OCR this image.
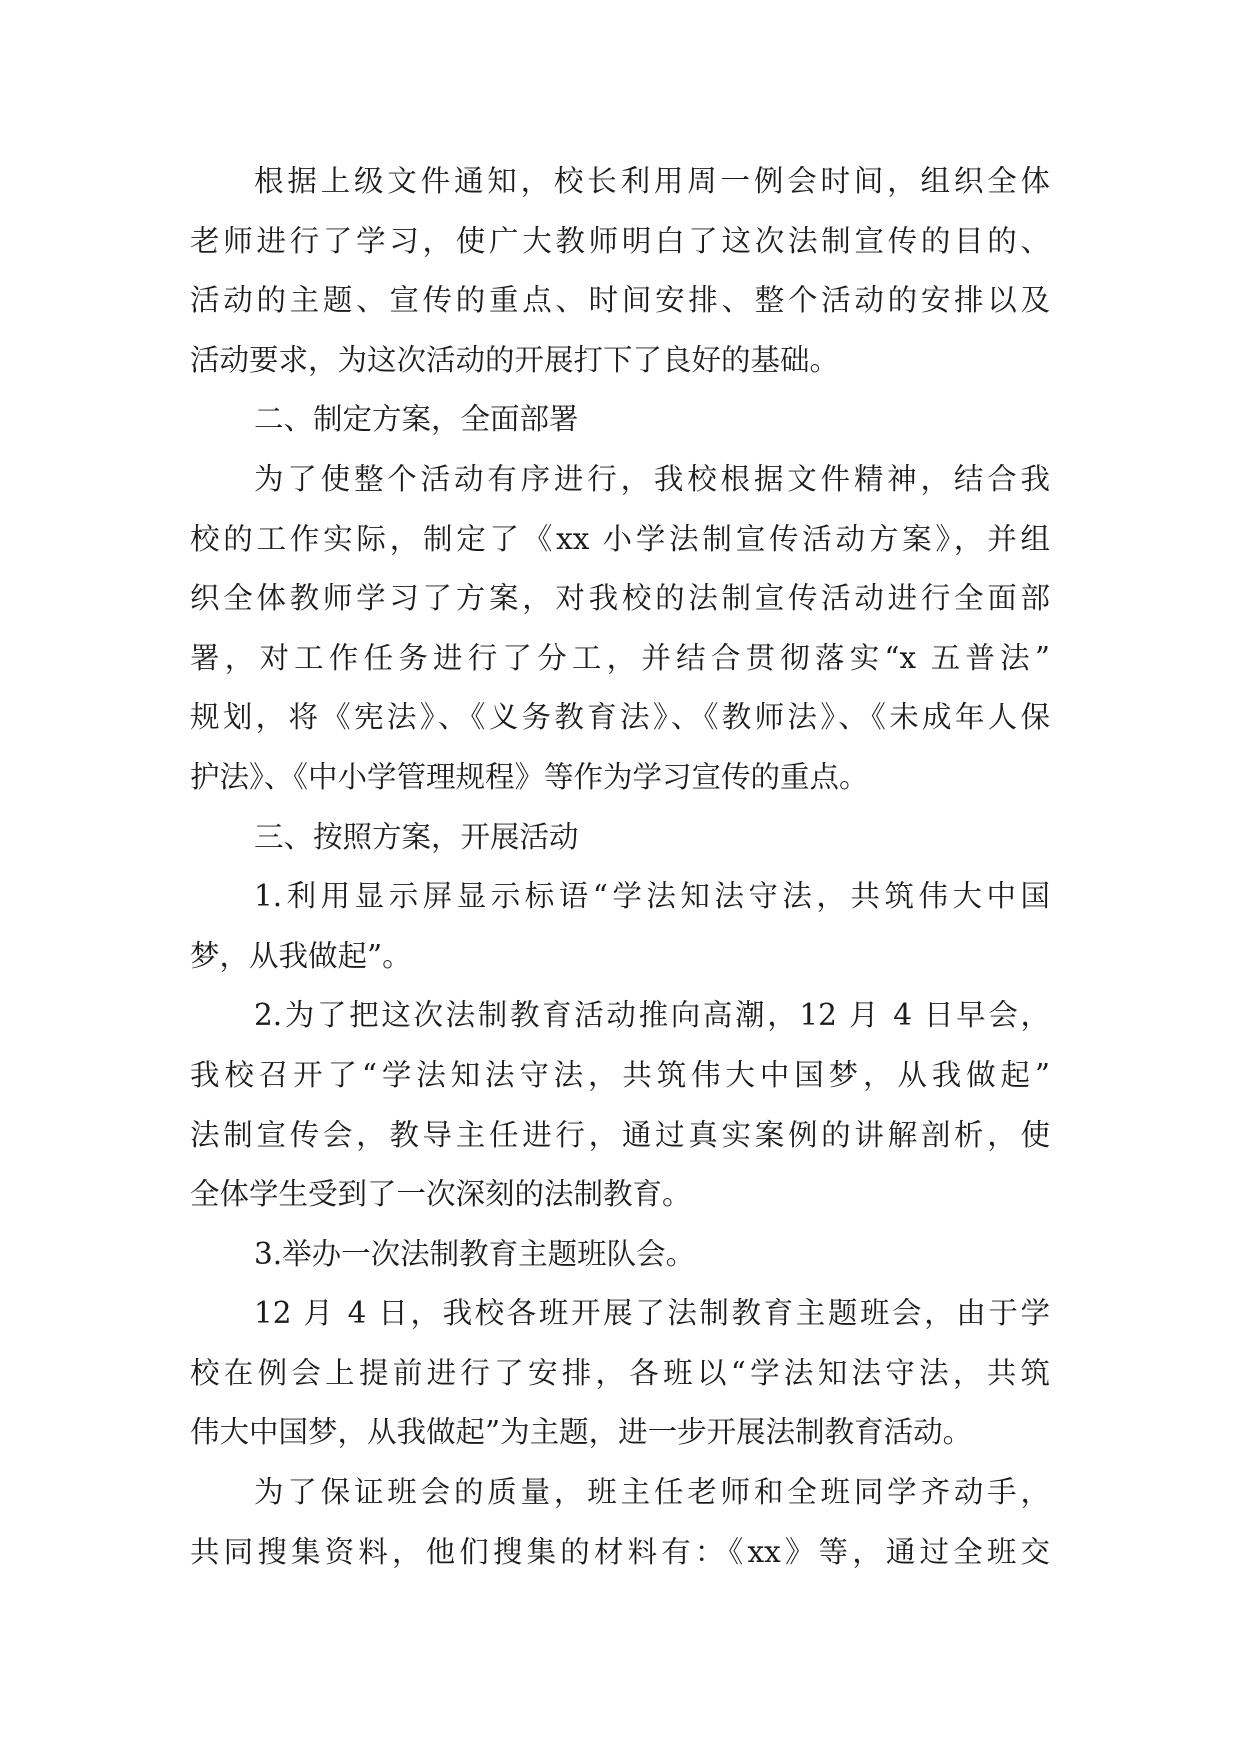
根据上级文件通知，校长利用周一例会时间，组织全体
老师进行了学习，使广大教师明白了这次法制宣传的目的、
活动的主题、宣传的重点、时间安排、整个活动的安排以及
活动要求，为这次活动的开展打下了良好的基础。
二、制定方案，全面部署
为了使整个活动有序进行，我校根据文件精神，结合我
校的工作实际，制定了《xx 小学法制宣传活动方案》，并组
织全体教师学习了方案，对我校的法制宣传活动进行全面部
署，对工作任务进行了分工，并结合贯彻落实“x 五普法”
规划，将《宪法》、《义务教育法》、《教师法》、《未成年人保
护法》、《中小学管理规程》等作为学习宣传的重点。
三、按照方案，开展活动
1.利用显示屏显示标语“学法知法守法，共筑伟大中国
梦，从我做起”。
2.为了把这次法制教育活动推向高潮，12 月 4 日早会，
我校召开了“学法知法守法，共筑伟大中国梦，从我做起”
法制宣传会，教导主任进行，通过真实案例的讲解剖析，使
全体学生受到了一次深刻的法制教育。
3.举办一次法制教育主题班队会。
12 月 4 日，我校各班开展了法制教育主题班会，由于学
校在例会上提前进行了安排，各班以“学法知法守法，共筑
伟大中国梦，从我做起”为主题，进一步开展法制教育活动。
为了保证班会的质量，班主任老师和全班同学齐动手，
共同搜集资料，他们搜集的材料有：《xx》等，通过全班交
